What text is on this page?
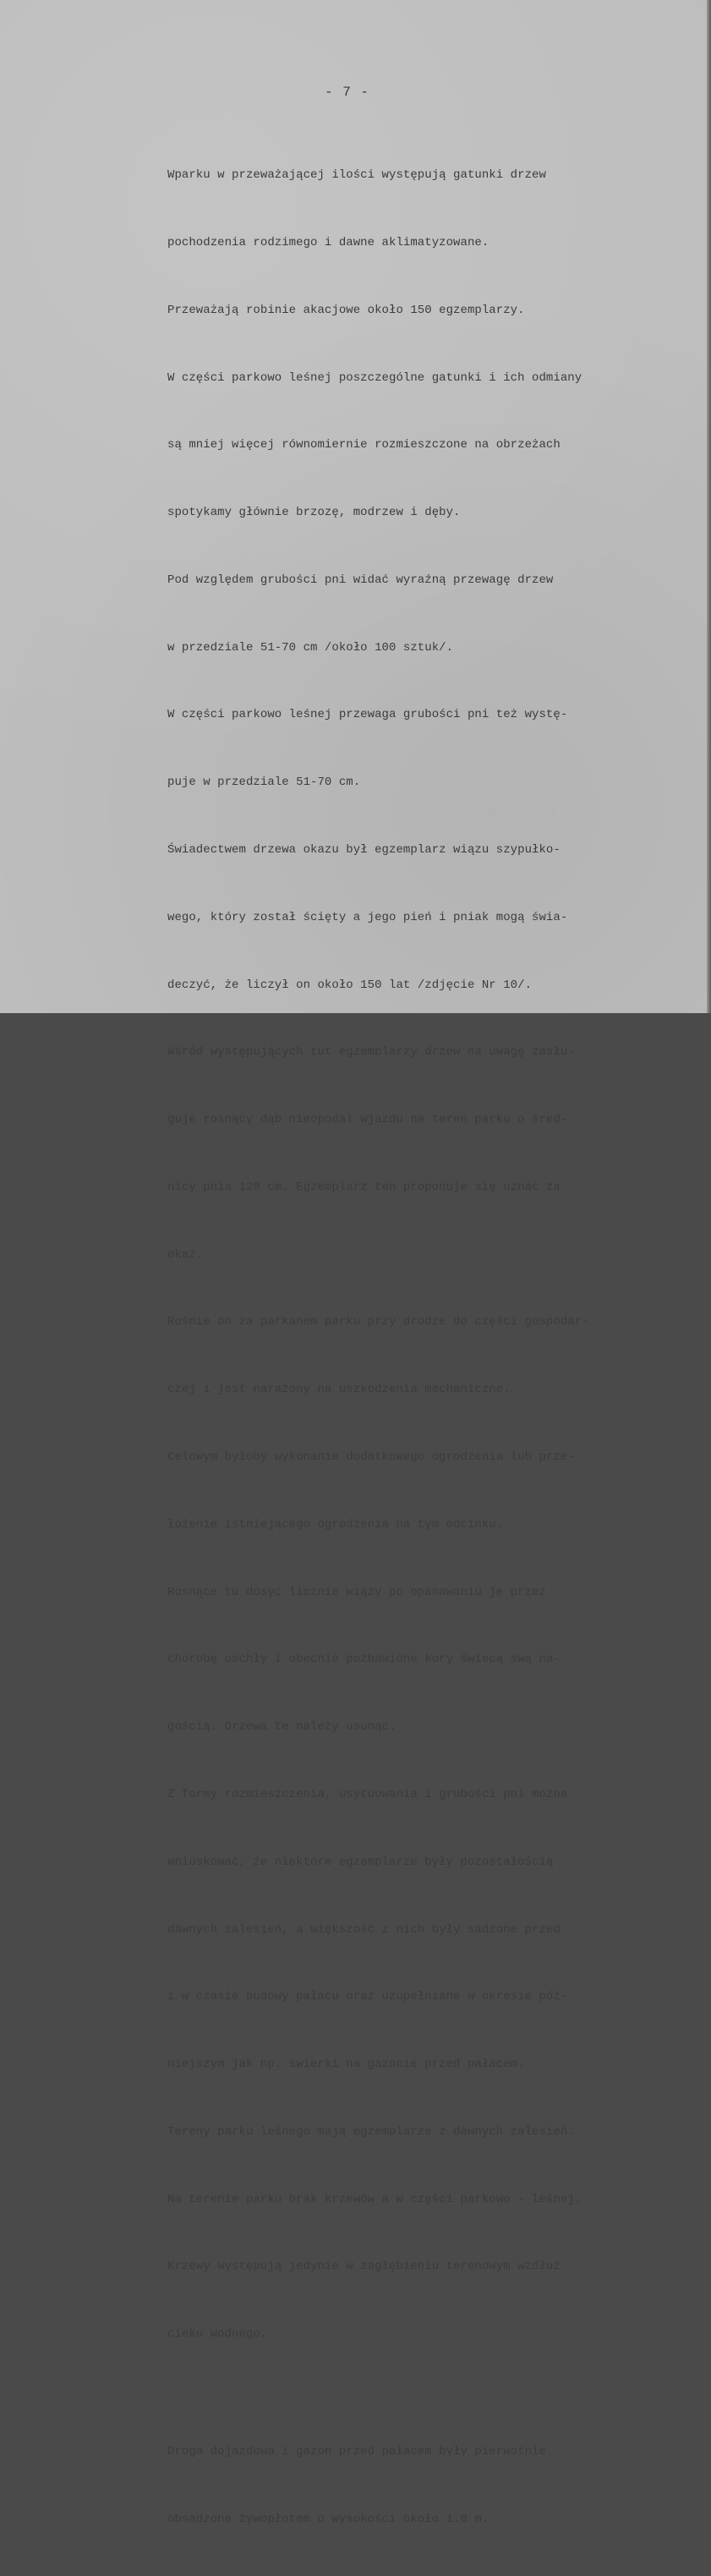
- 7 -

Wparku w przeważającej ilości występują gatunki drzew

pochodzenia rodzimego i dawne aklimatyzowane.

Przeważają robinie akacjowe około 150 egzemplarzy.

W części parkowo leśnej poszczególne gatunki i ich odmiany

są mniej więcej równomiernie rozmieszczone na obrzeżach

spotykamy głównie brzozę, modrzew i dęby.

Pod względem grubości pni widać wyraźną przewagę drzew

w przedziale 51-70 cm /około 100 sztuk/.

W części parkowo leśnej przewaga grubości pni też wystę-

puje w przedziale 51-70 cm.

Świadectwem drzewa okazu był egzemplarz wiązu szypułko-

wego, który został ścięty a jego pień i pniak mogą świa-

deczyć, że liczył on około 150 lat /zdjęcie Nr 10/.

Wśród występujących tut egzemplarzy drzew na uwagę zasłu-

guje rosnący dąb nieopodal wjazdu na teren parku o śred-

nicy pnia 120 cm. Egzemplarz ten proponuje się uznać za

okaz.

Rośnie on za parkanem parku przy drodze do części gospodar-

czej i jest narażony na uszkodzenia mechaniczne.

Celowym byłoby wykonanie dodatkowego ogrodzenia lub prze-

łożenie istniejącego ogrodzenia na tym odcinku.

Rosnące tu dosyć licznie wiązy po opanowaniu je przez

chorobę uschły i obecnie pozbawione kory świecą swą na-

gością. Drzewa te należy usunąć.

Z formy rozmieszczenia, usytuowania i grubości pni można

wnioskować, że niektóre egzemplarze były pozostałością

dawnych zalesień, a większość z nich były sadzone przed

i w czasie budowy pałacu oraz uzupełniane w okresie póź-

niejszym jak np. świerki na gazonie przed pałacem.

Tereny parku leśnego mają egzemplarze z dawnych zalesień.

Na terenie parku brak krzewów a w części parkowo - leśnej.

Krzewy występują jedynie w zagłębieniu terenowym wzdłuż

cieku wodnego.

Droga dojazdowa i gazon przed pałacem były pierwotnie

obsadzone żywopłotem o wysokości około 1.0 m.
